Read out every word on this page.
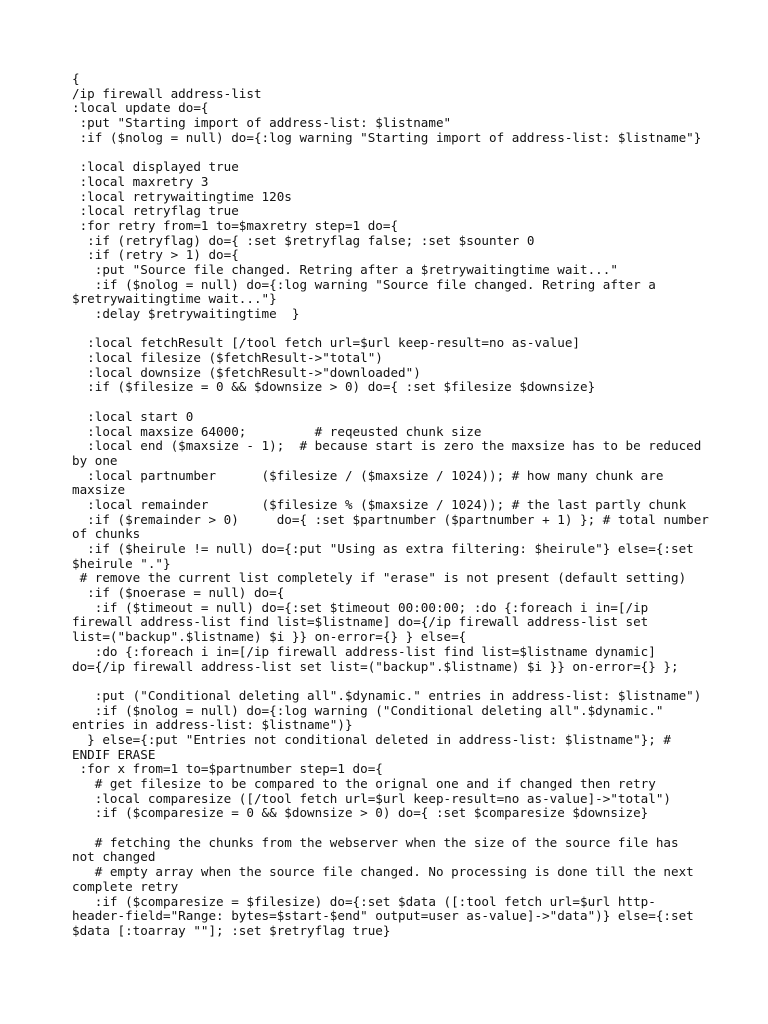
{
/ip firewall address-list
:local update do={
:put "Starting import of address-list: $listname"
:if ($nolog = null) do={:log warning "Starting import of address-list: $listname"}
:local displayed true
:local maxretry 3
:local retrywaitingtime 120s
:local retryflag true
:for retry from=1 to=$maxretry step=1 do={
:if (retryflag) do={ :set $retryflag false; :set $sounter 0
:if (retry > 1) do={
:put "Source file changed. Retring after a $retrywaitingtime wait..."
:if ($nolog = null) do={:log warning "Source file changed. Retring after a
$retrywaitingtime wait..."}
:delay $retrywaitingtime  }
:local fetchResult [/tool fetch url=$url keep-result=no as-value]
:local filesize ($fetchResult->"total")
:local downsize ($fetchResult->"downloaded")
:if ($filesize = 0 && $downsize > 0) do={ :set $filesize $downsize}
:local start 0
:local maxsize 64000;         # reqeusted chunk size
:local end ($maxsize - 1);  # because start is zero the maxsize has to be reduced
by one
:local partnumber      ($filesize / ($maxsize / 1024)); # how many chunk are
maxsize
:local remainder       ($filesize % ($maxsize / 1024)); # the last partly chunk
:if ($remainder > 0)     do={ :set $partnumber ($partnumber + 1) }; # total number
of chunks
:if ($heirule != null) do={:put "Using as extra filtering: $heirule"} else={:set
$heirule "."}
# remove the current list completely if "erase" is not present (default setting)
:if ($noerase = null) do={
:if ($timeout = null) do={:set $timeout 00:00:00; :do {:foreach i in=[/ip
firewall address-list find list=$listname] do={/ip firewall address-list set
list=("backup".$listname) $i }} on-error={} } else={
:do {:foreach i in=[/ip firewall address-list find list=$listname dynamic]
do={/ip firewall address-list set list=("backup".$listname) $i }} on-error={} };
:put ("Conditional deleting all".$dynamic." entries in address-list: $listname")
:if ($nolog = null) do={:log warning ("Conditional deleting all".$dynamic."
entries in address-list: $listname")}
} else={:put "Entries not conditional deleted in address-list: $listname"}; #
ENDIF ERASE
:for x from=1 to=$partnumber step=1 do={
# get filesize to be compared to the orignal one and if changed then retry
:local comparesize ([/tool fetch url=$url keep-result=no as-value]->"total")
:if ($comparesize = 0 && $downsize > 0) do={ :set $comparesize $downsize}
# fetching the chunks from the webserver when the size of the source file has
not changed
# empty array when the source file changed. No processing is done till the next
complete retry
:if ($comparesize = $filesize) do={:set $data ([:tool fetch url=$url http-
header-field="Range: bytes=$start-$end" output=user as-value]->"data")} else={:set
$data [:toarray ""]; :set $retryflag true}
